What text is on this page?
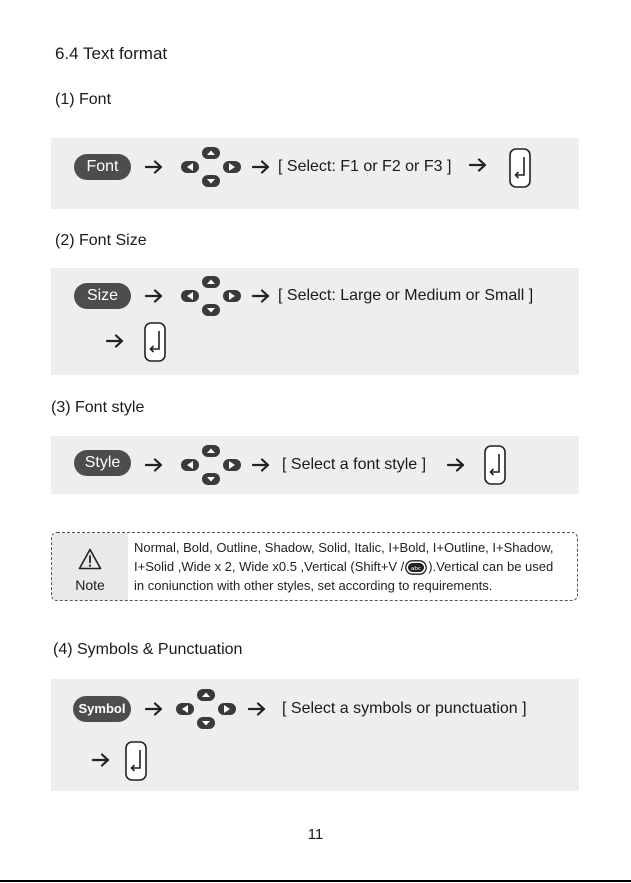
6.4 Text format
(1) Font
Font	[ Select: F1 or F2 or F3 ]
(2) Font Size
Size	[ Select: Large or Medium or Small ]
(3) Font style
Style	[ Select a font style ]
Note
Normal, Bold, Outline, Shadow, Solid, Italic, I+Bold, I+Outline, I+Shadow,
I+Solid ,Wide x 2, Wide x0.5 ,Vertical (Shift+V / abc ).Vertical can be used
in coniunction with other styles, set according to requirements.
(4) Symbols & Punctuation
Symbol	[ Select a symbols or punctuation ]
11
